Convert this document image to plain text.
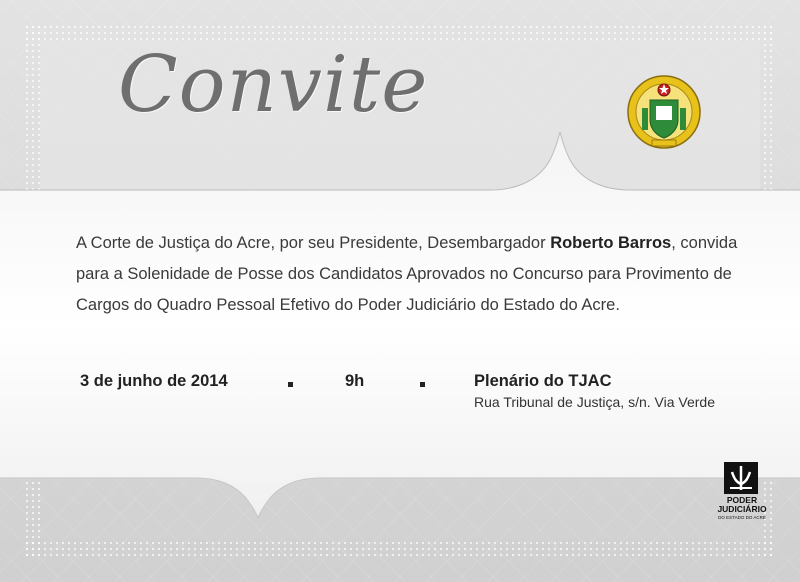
Convite

A Corte de Justiça do Acre, por seu Presidente, Desembargador Roberto Barros, convida

para a Solenidade de Posse dos Candidatos Aprovados no Concurso para Provimento de

Cargos do Quadro Pessoal Efetivo do Poder Judiciário do Estado do Acre.

3 de junho de 2014	9h	Plenário do TJAC
Rua Tribunal de Justiça, s/n. Via Verde
PODER
JUDICIÁRIO
DO ESTADO DO ACRE
